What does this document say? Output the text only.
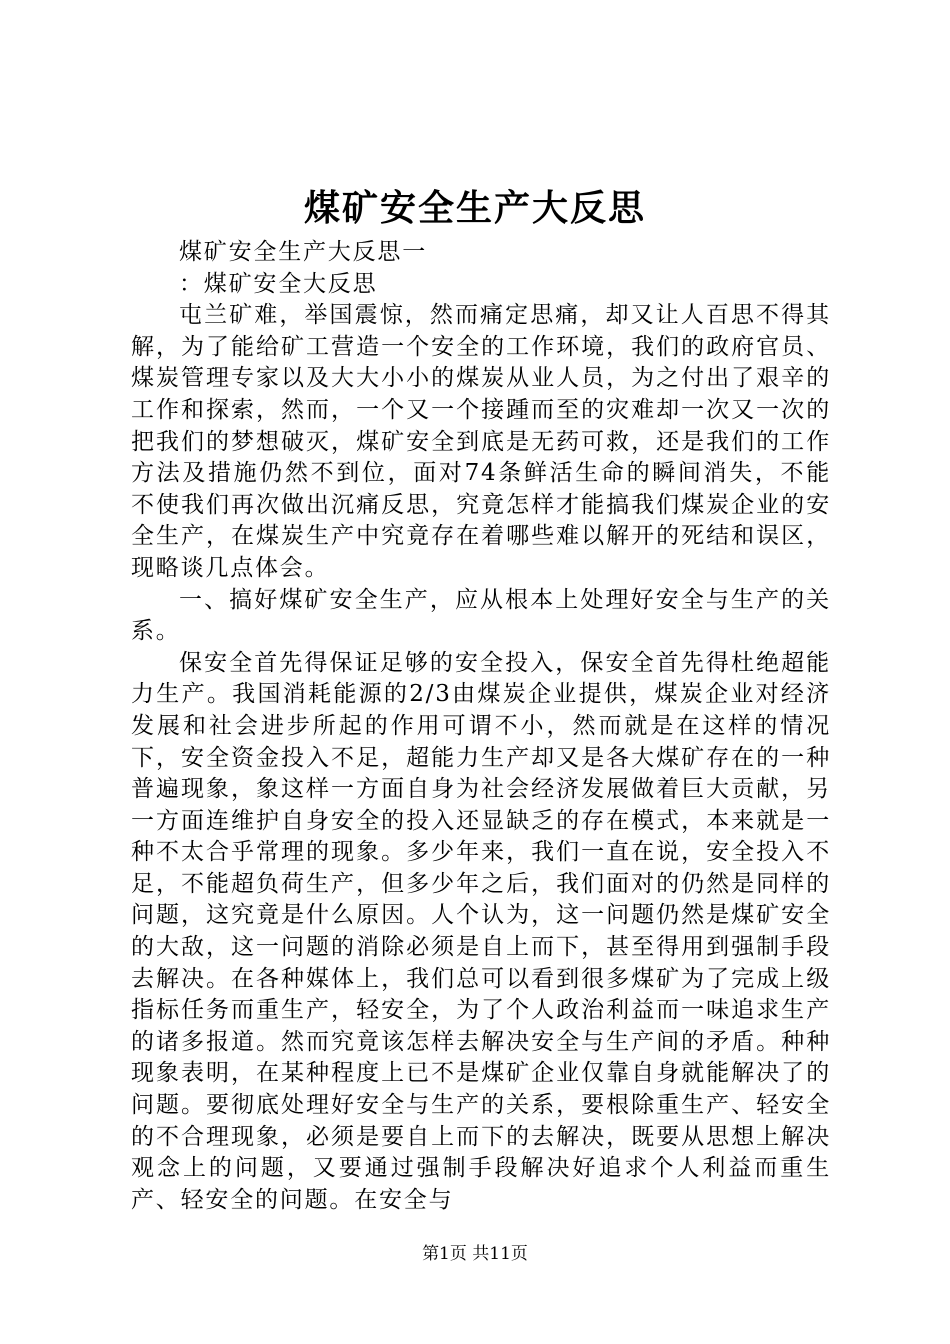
煤矿安全生产大反思

煤矿安全生产大反思一

：煤矿安全大反思

屯兰矿难，举国震惊，然而痛定思痛，却又让人百思不得其解，为了能给矿工营造一个安全的工作环境，我们的政府官员、煤炭管理专家以及大大小小的煤炭从业人员，为之付出了艰辛的工作和探索，然而，一个又一个接踵而至的灾难却一次又一次的把我们的梦想破灭，煤矿安全到底是无药可救，还是我们的工作方法及措施仍然不到位，面对74条鲜活生命的瞬间消失，不能不使我们再次做出沉痛反思，究竟怎样才能搞我们煤炭企业的安全生产，在煤炭生产中究竟存在着哪些难以解开的死结和误区，现略谈几点体会。

一、搞好煤矿安全生产，应从根本上处理好安全与生产的关系。

保安全首先得保证足够的安全投入，保安全首先得杜绝超能力生产。我国消耗能源的2/3由煤炭企业提供，煤炭企业对经济发展和社会进步所起的作用可谓不小，然而就是在这样的情况下，安全资金投入不足，超能力生产却又是各大煤矿存在的一种普遍现象，象这样一方面自身为社会经济发展做着巨大贡献，另一方面连维护自身安全的投入还显缺乏的存在模式，本来就是一种不太合乎常理的现象。多少年来，我们一直在说，安全投入不足，不能超负荷生产，但多少年之后，我们面对的仍然是同样的问题，这究竟是什么原因。人个认为，这一问题仍然是煤矿安全的大敌，这一问题的消除必须是自上而下，甚至得用到强制手段去解决。在各种媒体上，我们总可以看到很多煤矿为了完成上级指标任务而重生产，轻安全，为了个人政治利益而一味追求生产的诸多报道。然而究竟该怎样去解决安全与生产间的矛盾。种种现象表明，在某种程度上已不是煤矿企业仅靠自身就能解决了的问题。要彻底处理好安全与生产的关系，要根除重生产、轻安全的不合理现象，必须是要自上而下的去解决，既要从思想上解决观念上的问题，又要通过强制手段解决好追求个人利益而重生产、轻安全的问题。在安全与

第1页 共11页
